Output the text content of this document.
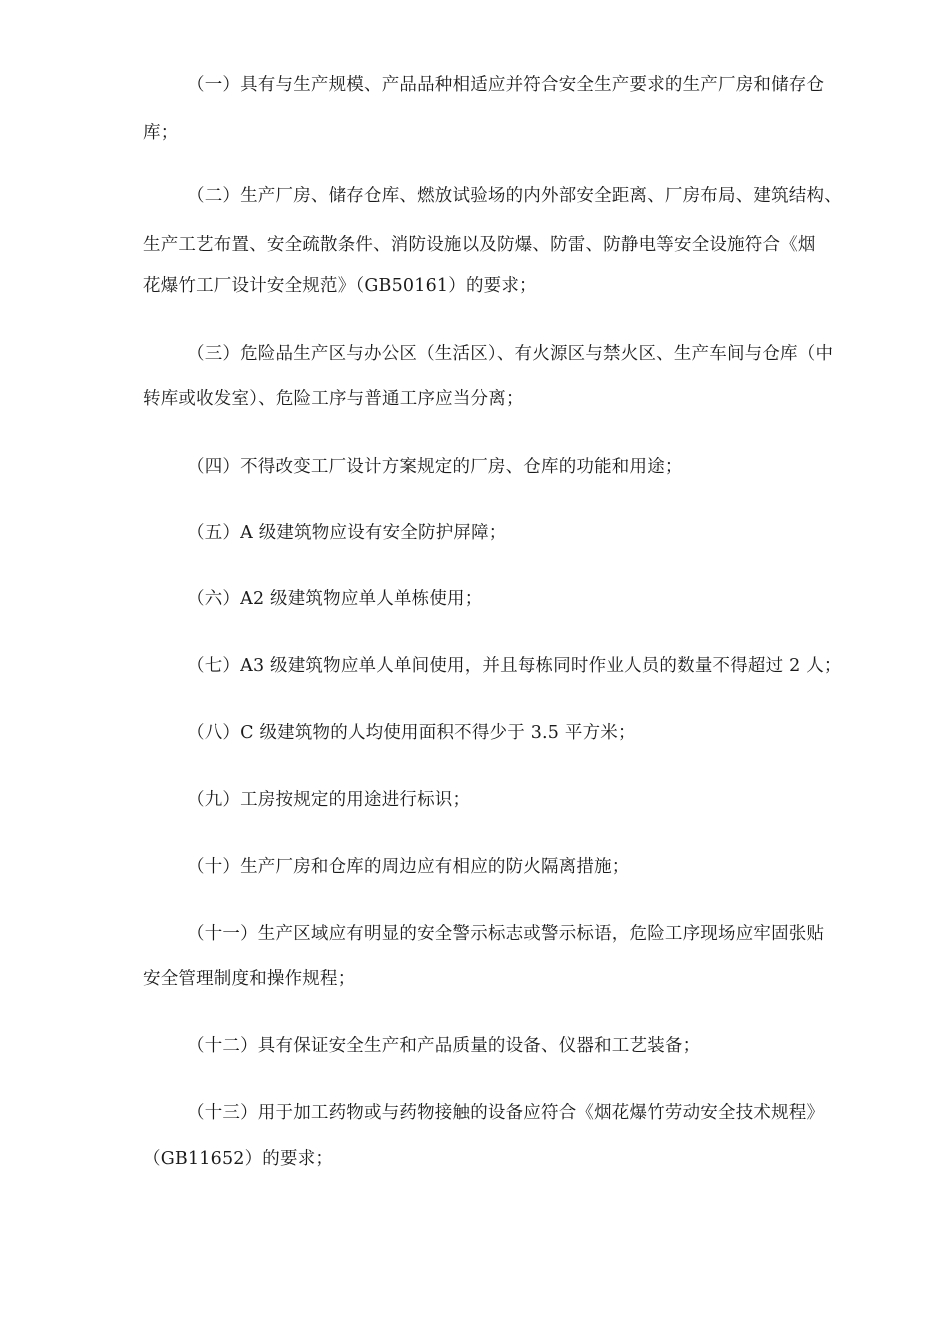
（一）具有与生产规模、产品品种相适应并符合安全生产要求的生产厂房和储存仓
库；
（二）生产厂房、储存仓库、燃放试验场的内外部安全距离、厂房布局、建筑结构、
生产工艺布置、安全疏散条件、消防设施以及防爆、防雷、防静电等安全设施符合《烟
花爆竹工厂设计安全规范》（GB50161）的要求；
（三）危险品生产区与办公区（生活区）、有火源区与禁火区、生产车间与仓库（中
转库或收发室）、危险工序与普通工序应当分离；
（四）不得改变工厂设计方案规定的厂房、仓库的功能和用途；
（五）A 级建筑物应设有安全防护屏障；
（六）A2 级建筑物应单人单栋使用；
（七）A3 级建筑物应单人单间使用，并且每栋同时作业人员的数量不得超过 2 人；
（八）C 级建筑物的人均使用面积不得少于 3.5 平方米；
（九）工房按规定的用途进行标识；
（十）生产厂房和仓库的周边应有相应的防火隔离措施；
（十一）生产区域应有明显的安全警示标志或警示标语，危险工序现场应牢固张贴
安全管理制度和操作规程；
（十二）具有保证安全生产和产品质量的设备、仪器和工艺装备；
（十三）用于加工药物或与药物接触的设备应符合《烟花爆竹劳动安全技术规程》
（GB11652）的要求；
